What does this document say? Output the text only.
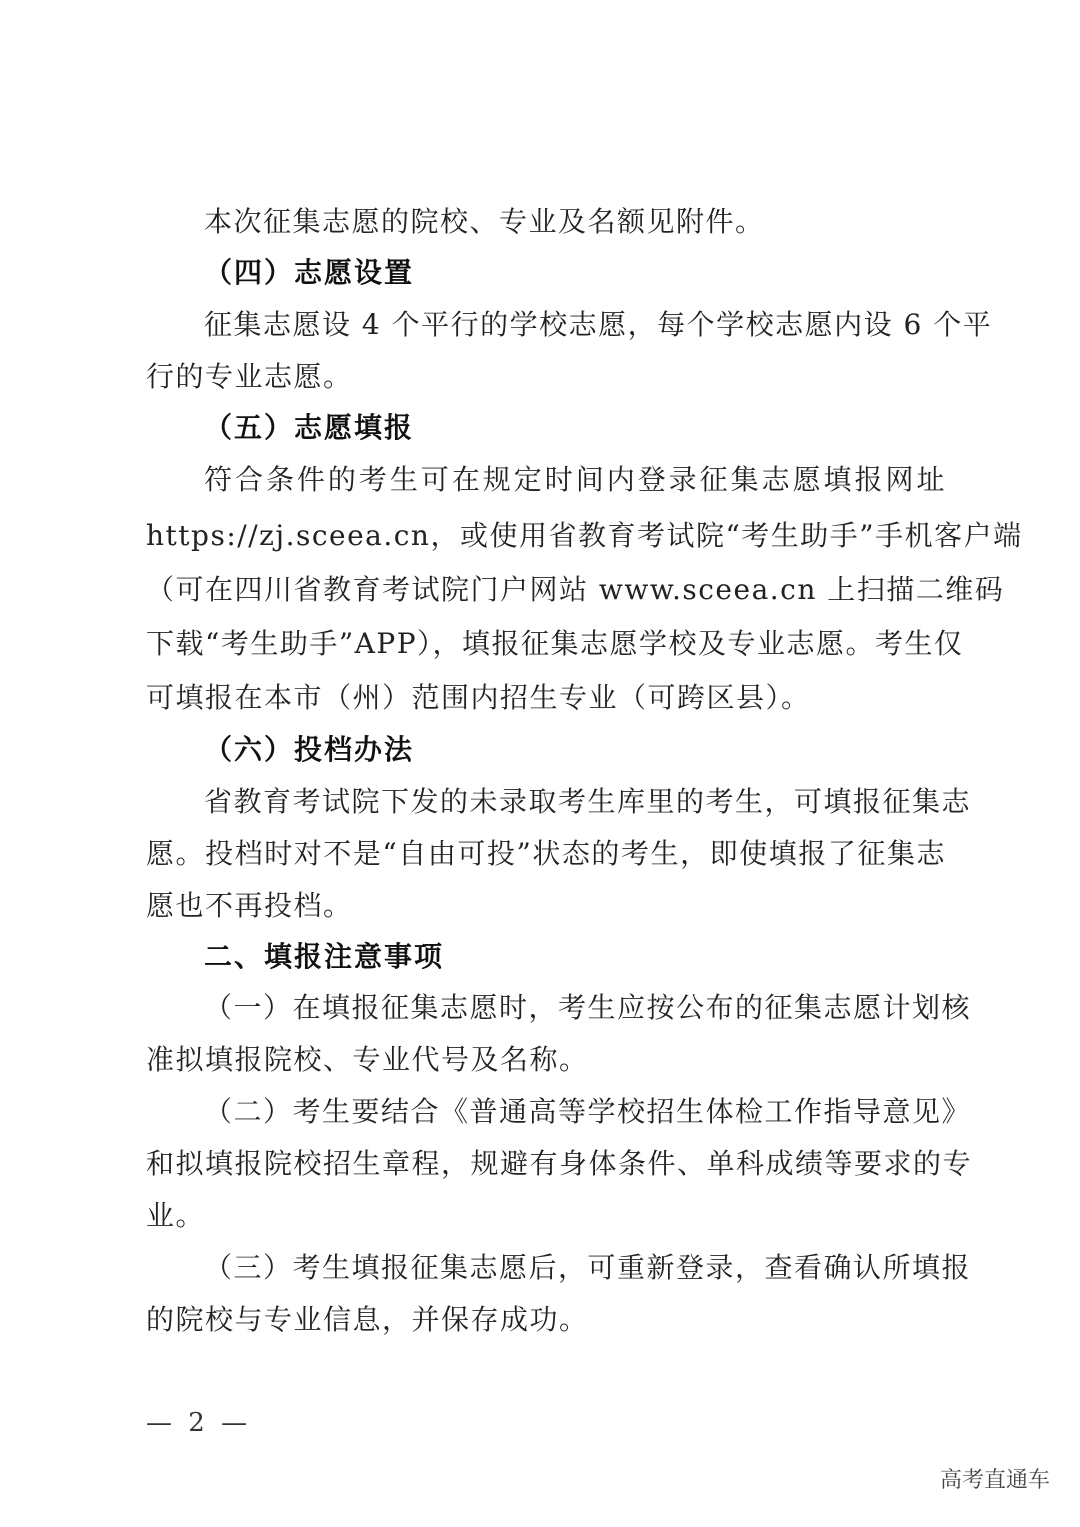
本次征集志愿的院校、专业及名额见附件。
（四）志愿设置
征集志愿设 4 个平行的学校志愿，每个学校志愿内设 6 个平
行的专业志愿。
（五）志愿填报
符合条件的考生可在规定时间内登录征集志愿填报网址
https://zj.sceea.cn，或使用省教育考试院“考生助手”手机客户端
（可在四川省教育考试院门户网站 www.sceea.cn 上扫描二维码
下载“考生助手”APP），填报征集志愿学校及专业志愿。考生仅
可填报在本市（州）范围内招生专业（可跨区县）。
（六）投档办法
省教育考试院下发的未录取考生库里的考生，可填报征集志
愿。投档时对不是“自由可投”状态的考生，即使填报了征集志
愿也不再投档。
二、填报注意事项
（一）在填报征集志愿时，考生应按公布的征集志愿计划核
准拟填报院校、专业代号及名称。
（二）考生要结合《普通高等学校招生体检工作指导意见》
和拟填报院校招生章程，规避有身体条件、单科成绩等要求的专
业。
（三）考生填报征集志愿后，可重新登录，查看确认所填报
的院校与专业信息，并保存成功。
— 2 —
高考直通车
